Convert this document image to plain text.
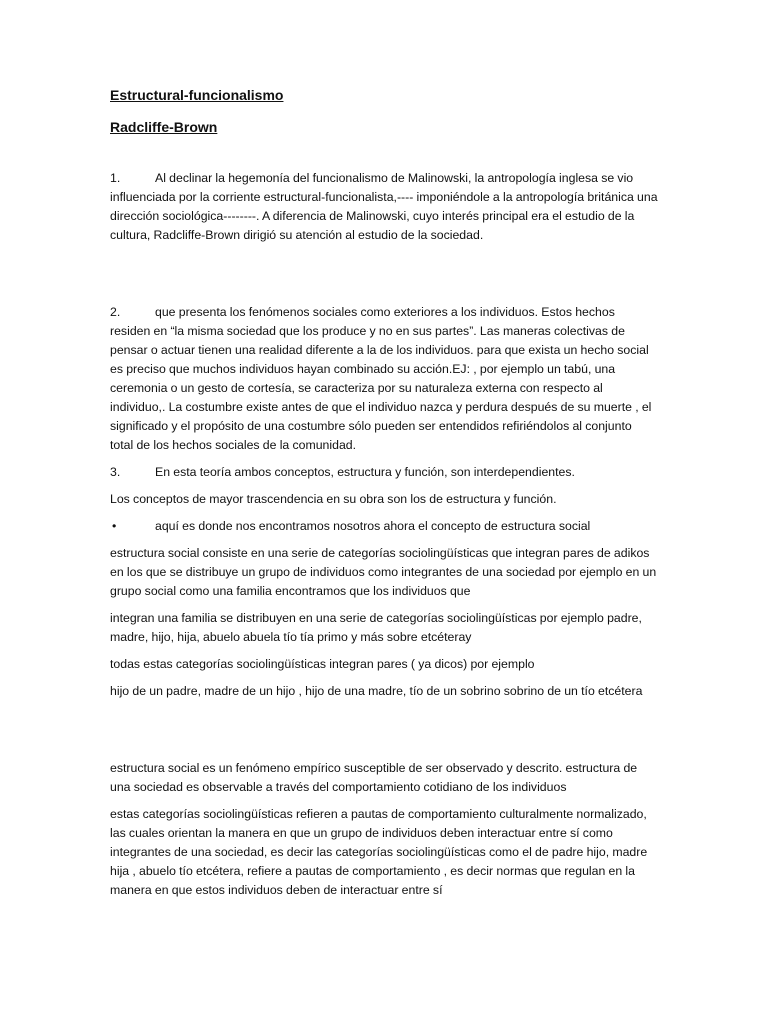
Estructural-funcionalismo

Radcliffe-Brown

1.	Al declinar la hegemonía del funcionalismo de Malinowski, la antropología inglesa se vio influenciada por la corriente estructural-funcionalista,---- imponiéndole a la antropología británica una dirección sociológica--------. A diferencia de Malinowski, cuyo interés principal era el estudio de la cultura, Radcliffe-Brown dirigió su atención al estudio de la sociedad.

2.	que presenta los fenómenos sociales como exteriores a los individuos. Estos hechos residen en “la misma sociedad que los produce y no en sus partes”. Las maneras colectivas de pensar o actuar tienen una realidad diferente a la de los individuos. para que exista un hecho social es preciso que muchos individuos hayan combinado su acción.EJ: , por ejemplo un tabú, una ceremonia o un gesto de cortesía, se caracteriza por su naturaleza externa con respecto al individuo,. La costumbre existe antes de que el individuo nazca y perdura después de su muerte , el significado y el propósito de una costumbre sólo pueden ser entendidos refiriéndolos al conjunto total de los hechos sociales de la comunidad.

3.	En esta teoría ambos conceptos, estructura y función, son interdependientes.

Los conceptos de mayor trascendencia en su obra son los de estructura y función.

•	aquí es donde nos encontramos nosotros ahora el concepto de estructura social

estructura social consiste en una serie de categorías sociolingüísticas que integran pares de adikos en los que se distribuye un grupo de individuos como integrantes de una sociedad por ejemplo en un grupo social como una familia encontramos que los individuos que

integran una familia se distribuyen en una serie de categorías sociolingüísticas por ejemplo padre, madre, hijo, hija, abuelo abuela tío tía primo y más sobre etcéteray

todas estas categorías sociolingüísticas integran pares ( ya dicos) por ejemplo

hijo de un padre, madre de un hijo , hijo de una madre, tío de un sobrino sobrino de un tío etcétera

estructura social es un fenómeno empírico susceptible de ser observado y descrito. estructura de una sociedad es observable a través del comportamiento cotidiano de los individuos

estas categorías sociolingüísticas refieren a pautas de comportamiento culturalmente normalizado, las cuales orientan la manera en que un grupo de individuos deben interactuar entre sí como integrantes de una sociedad, es decir las categorías sociolingüísticas como el de padre hijo, madre hija , abuelo tío etcétera, refiere a pautas de comportamiento , es decir normas que regulan en la manera en que estos individuos deben de interactuar entre sí
